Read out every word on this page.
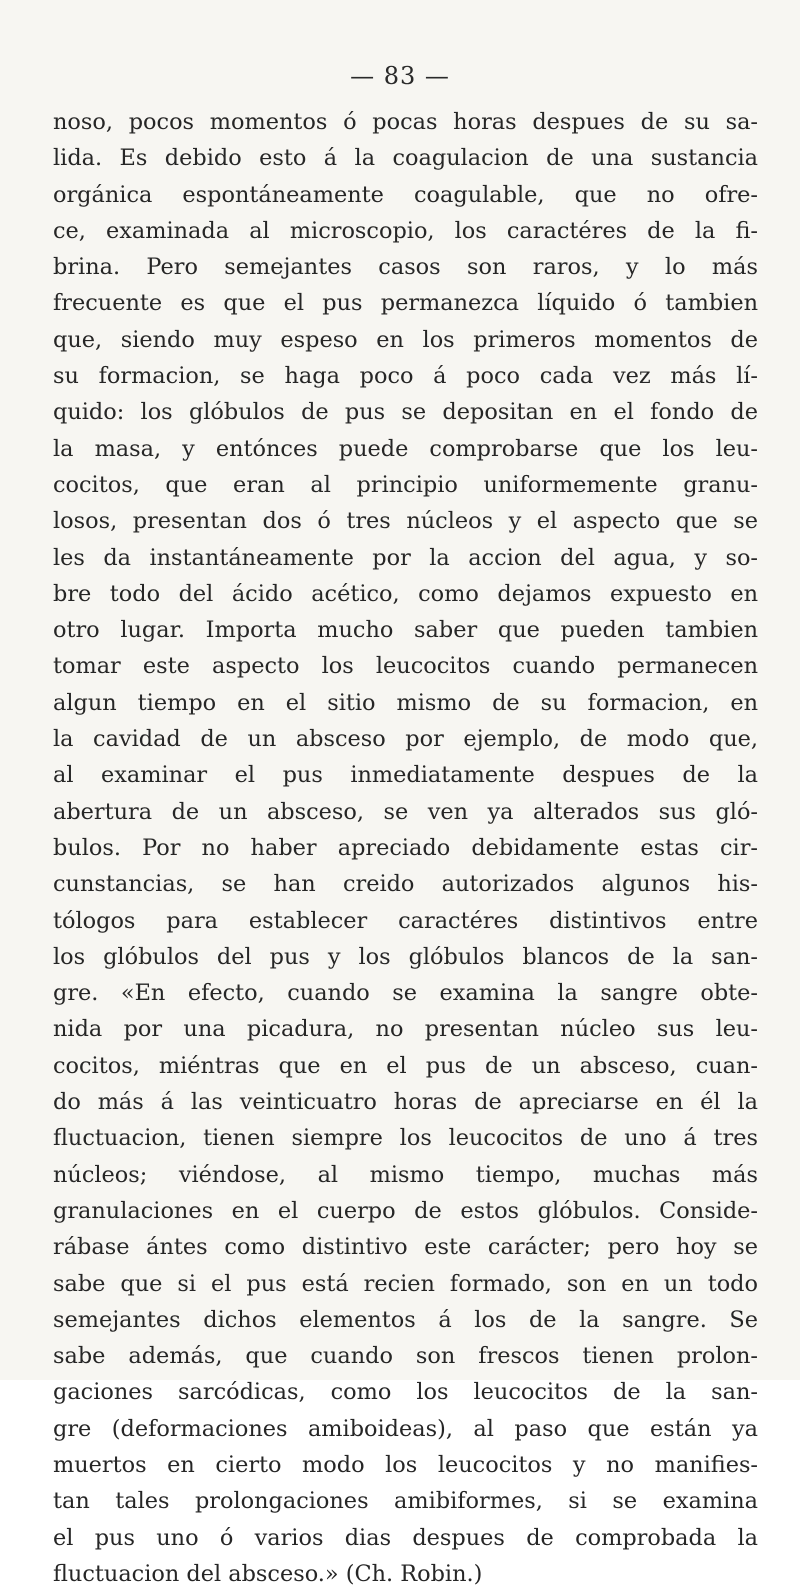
— 83 —
noso, pocos momentos ó pocas horas despues de su sa-
lida. Es debido esto á la coagulacion de una sustancia
orgánica espontáneamente coagulable, que no ofre-
ce, examinada al microscopio, los caractéres de la fi-
brina. Pero semejantes casos son raros, y lo más
frecuente es que el pus permanezca líquido ó tambien
que, siendo muy espeso en los primeros momentos de
su formacion, se haga poco á poco cada vez más lí-
quido: los glóbulos de pus se depositan en el fondo de
la masa, y entónces puede comprobarse que los leu-
cocitos, que eran al principio uniformemente granu-
losos, presentan dos ó tres núcleos y el aspecto que se
les da instantáneamente por la accion del agua, y so-
bre todo del ácido acético, como dejamos expuesto en
otro lugar. Importa mucho saber que pueden tambien
tomar este aspecto los leucocitos cuando permanecen
algun tiempo en el sitio mismo de su formacion, en
la cavidad de un absceso por ejemplo, de modo que,
al examinar el pus inmediatamente despues de la
abertura de un absceso, se ven ya alterados sus gló-
bulos. Por no haber apreciado debidamente estas cir-
cunstancias, se han creido autorizados algunos his-
tólogos para establecer caractéres distintivos entre
los glóbulos del pus y los glóbulos blancos de la san-
gre. «En efecto, cuando se examina la sangre obte-
nida por una picadura, no presentan núcleo sus leu-
cocitos, miéntras que en el pus de un absceso, cuan-
do más á las veinticuatro horas de apreciarse en él la
fluctuacion, tienen siempre los leucocitos de uno á tres
núcleos; viéndose, al mismo tiempo, muchas más
granulaciones en el cuerpo de estos glóbulos. Conside-
rábase ántes como distintivo este carácter; pero hoy se
sabe que si el pus está recien formado, son en un todo
semejantes dichos elementos á los de la sangre. Se
sabe además, que cuando son frescos tienen prolon-
gaciones sarcódicas, como los leucocitos de la san-
gre (deformaciones amiboideas), al paso que están ya
muertos en cierto modo los leucocitos y no manifies-
tan tales prolongaciones amibiformes, si se examina
el pus uno ó varios dias despues de comprobada la
fluctuacion del absceso.» (Ch. Robin.)
